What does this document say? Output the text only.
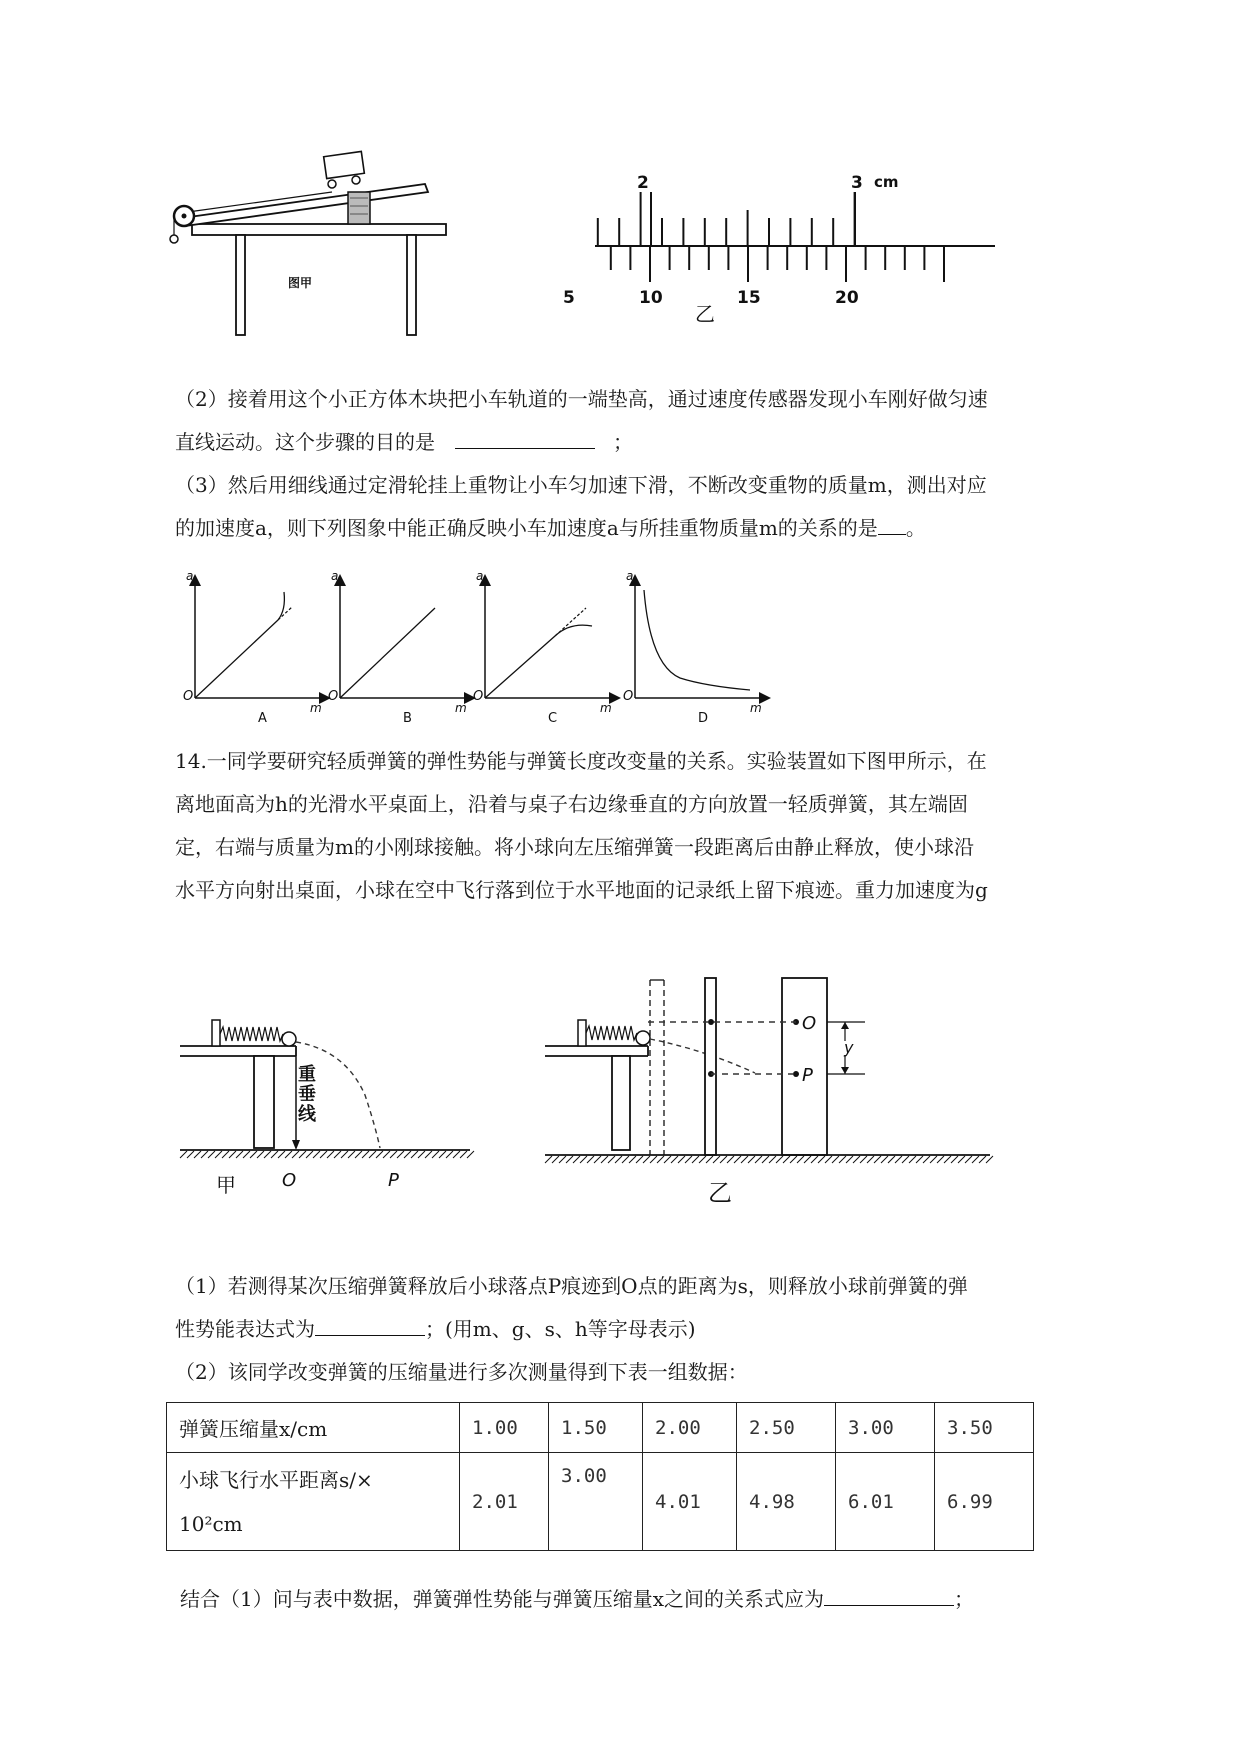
图甲
2	3 cm
5	10	15	20
乙
（2）接着用这个小正方体木块把小车轨道的一端垫高，通过速度传感器发现小车刚好做匀速
直线运动。这个步骤的目的是	；
（3）然后用细线通过定滑轮挂上重物让小车匀加速下滑，不断改变重物的质量m，测出对应
的加速度a，则下列图象中能正确反映小车加速度a与所挂重物质量m的关系的是 。
a
m
O
A
a
m
O
B
a
m
O
C
a
m
O
D
14.一同学要研究轻质弹簧的弹性势能与弹簧长度改变量的关系。实验装置如下图甲所示，在
离地面高为h的光滑水平桌面上，沿着与桌子右边缘垂直的方向放置一轻质弹簧，其左端固
定，右端与质量为m的小刚球接触。将小球向左压缩弹簧一段距离后由静止释放，使小球沿
水平方向射出桌面，小球在空中飞行落到位于水平地面的记录纸上留下痕迹。重力加速度为g
重
垂
线
甲	O	P
O
P
y
乙
（1）若测得某次压缩弹簧释放后小球落点P痕迹到O点的距离为s，则释放小球前弹簧的弹
性势能表达式为	；(用m、g、s、h等字母表示)
（2）该同学改变弹簧的压缩量进行多次测量得到下表一组数据：
弹簧压缩量x/cm	1.00	1.50	2.00	2.50	3.00	3.50
小球飞行水平距离s/×
10²cm	2.01	3.00	4.01	4.98	6.01	6.99
结合（1）问与表中数据，弹簧弹性势能与弹簧压缩量x之间的关系式应为	；
